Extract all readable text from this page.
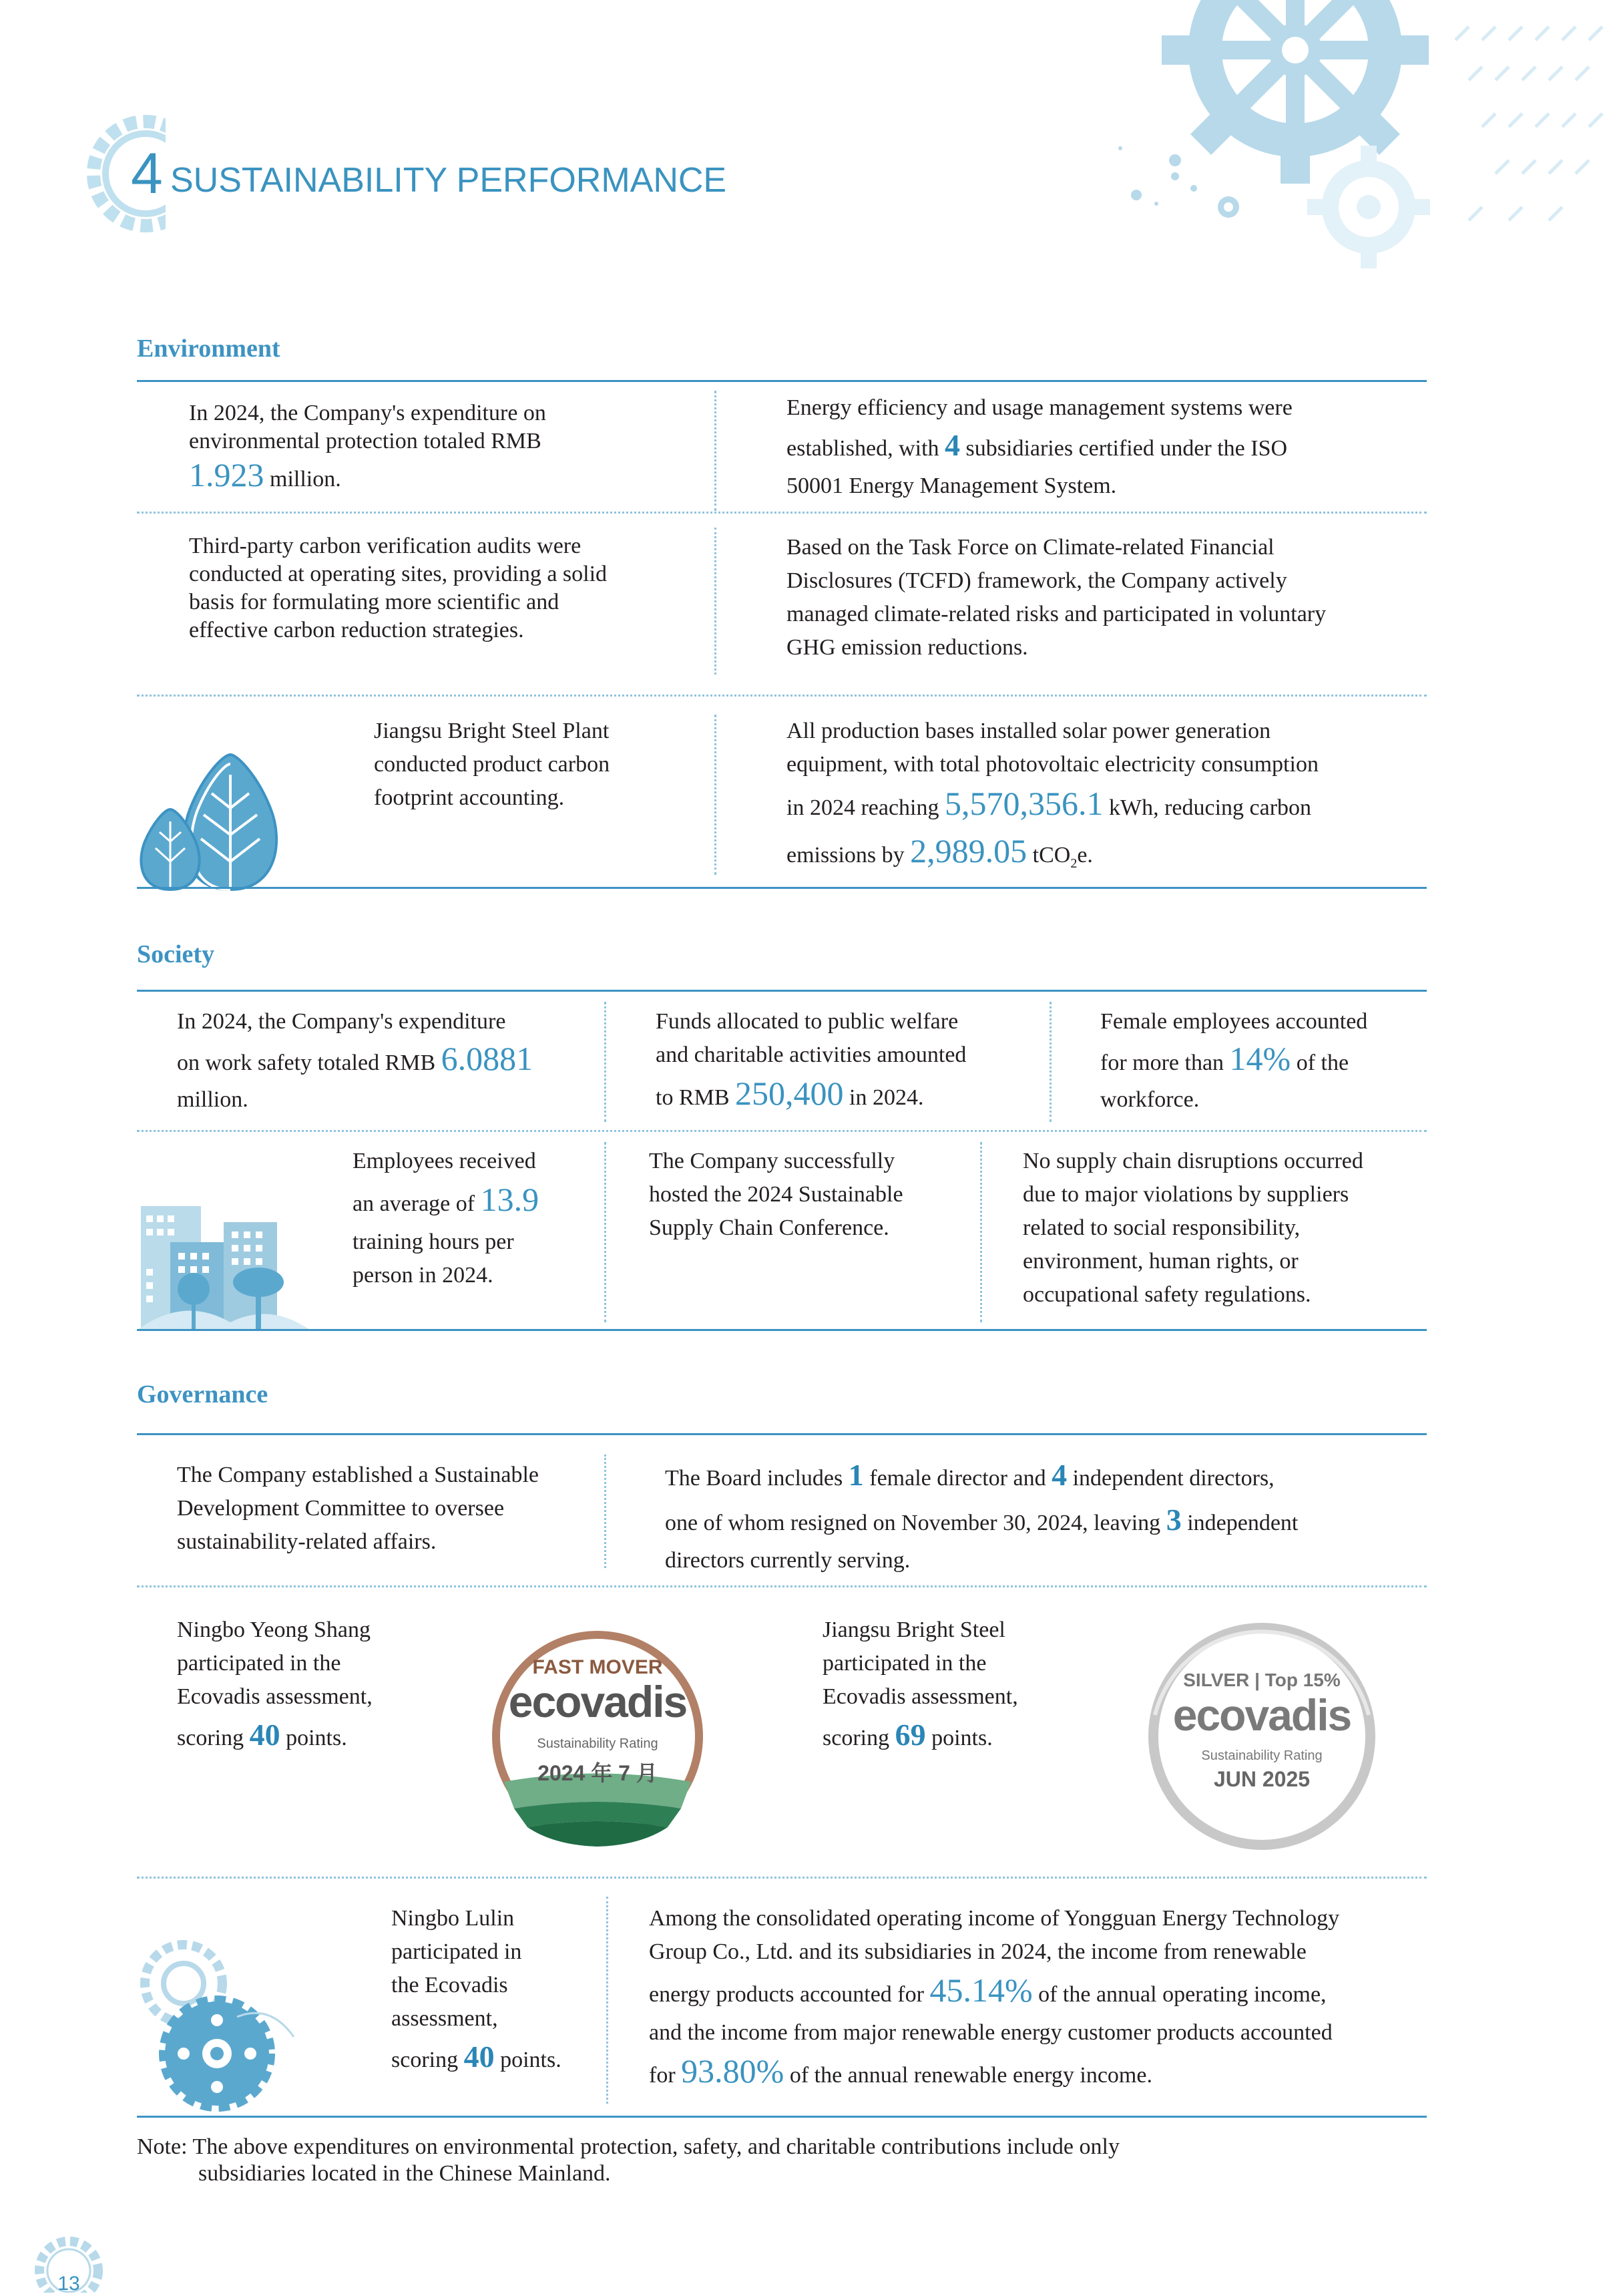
4 SUSTAINABILITY PERFORMANCE
Environment
In 2024, the Company's expenditure on
environmental protection totaled RMB
1.923 million.
Energy efficiency and usage management systems were
established, with 4 subsidiaries certified under the ISO
50001 Energy Management System.
Third-party carbon verification audits were
conducted at operating sites, providing a solid
basis for formulating more scientific and
effective carbon reduction strategies.
Based on the Task Force on Climate-related Financial
Disclosures (TCFD) framework, the Company actively
managed climate-related risks and participated in voluntary
GHG emission reductions.
Jiangsu Bright Steel Plant
conducted product carbon
footprint accounting.
All production bases installed solar power generation
equipment, with total photovoltaic electricity consumption
in 2024 reaching 5,570,356.1 kWh, reducing carbon
emissions by 2,989.05 tCO$_2$e.
Society
In 2024, the Company's expenditure
on work safety totaled RMB 6.0881
million.
Funds allocated to public welfare
and charitable activities amounted
to RMB 250,400 in 2024.
Female employees accounted
for more than 14% of the
workforce.
Employees received
an average of 13.9
training hours per
person in 2024.
The Company successfully
hosted the 2024 Sustainable
Supply Chain Conference.
No supply chain disruptions occurred
due to major violations by suppliers
related to social responsibility,
environment, human rights, or
occupational safety regulations.
Governance
The Company established a Sustainable
Development Committee to oversee
sustainability-related affairs.
The Board includes 1 female director and 4 independent directors,
one of whom resigned on November 30, 2024, leaving 3 independent
directors currently serving.
Ningbo Yeong Shang
participated in the
Ecovadis assessment,
scoring 40 points.
FAST MOVER
ecovadis
Sustainability Rating
2024 年 7 月
Jiangsu Bright Steel
participated in the
Ecovadis assessment,
scoring 69 points.
SILVER | Top 15%
ecovadis
Sustainability Rating
JUN 2025
Ningbo Lulin
participated in
the Ecovadis
assessment,
scoring 40 points.
Among the consolidated operating income of Yongguan Energy Technology
Group Co., Ltd. and its subsidiaries in 2024, the income from renewable
energy products accounted for 45.14% of the annual operating income,
and the income from major renewable energy customer products accounted
for 93.80% of the annual renewable energy income.
Note: The above expenditures on environmental protection, safety, and charitable contributions include only
subsidiaries located in the Chinese Mainland.
13
